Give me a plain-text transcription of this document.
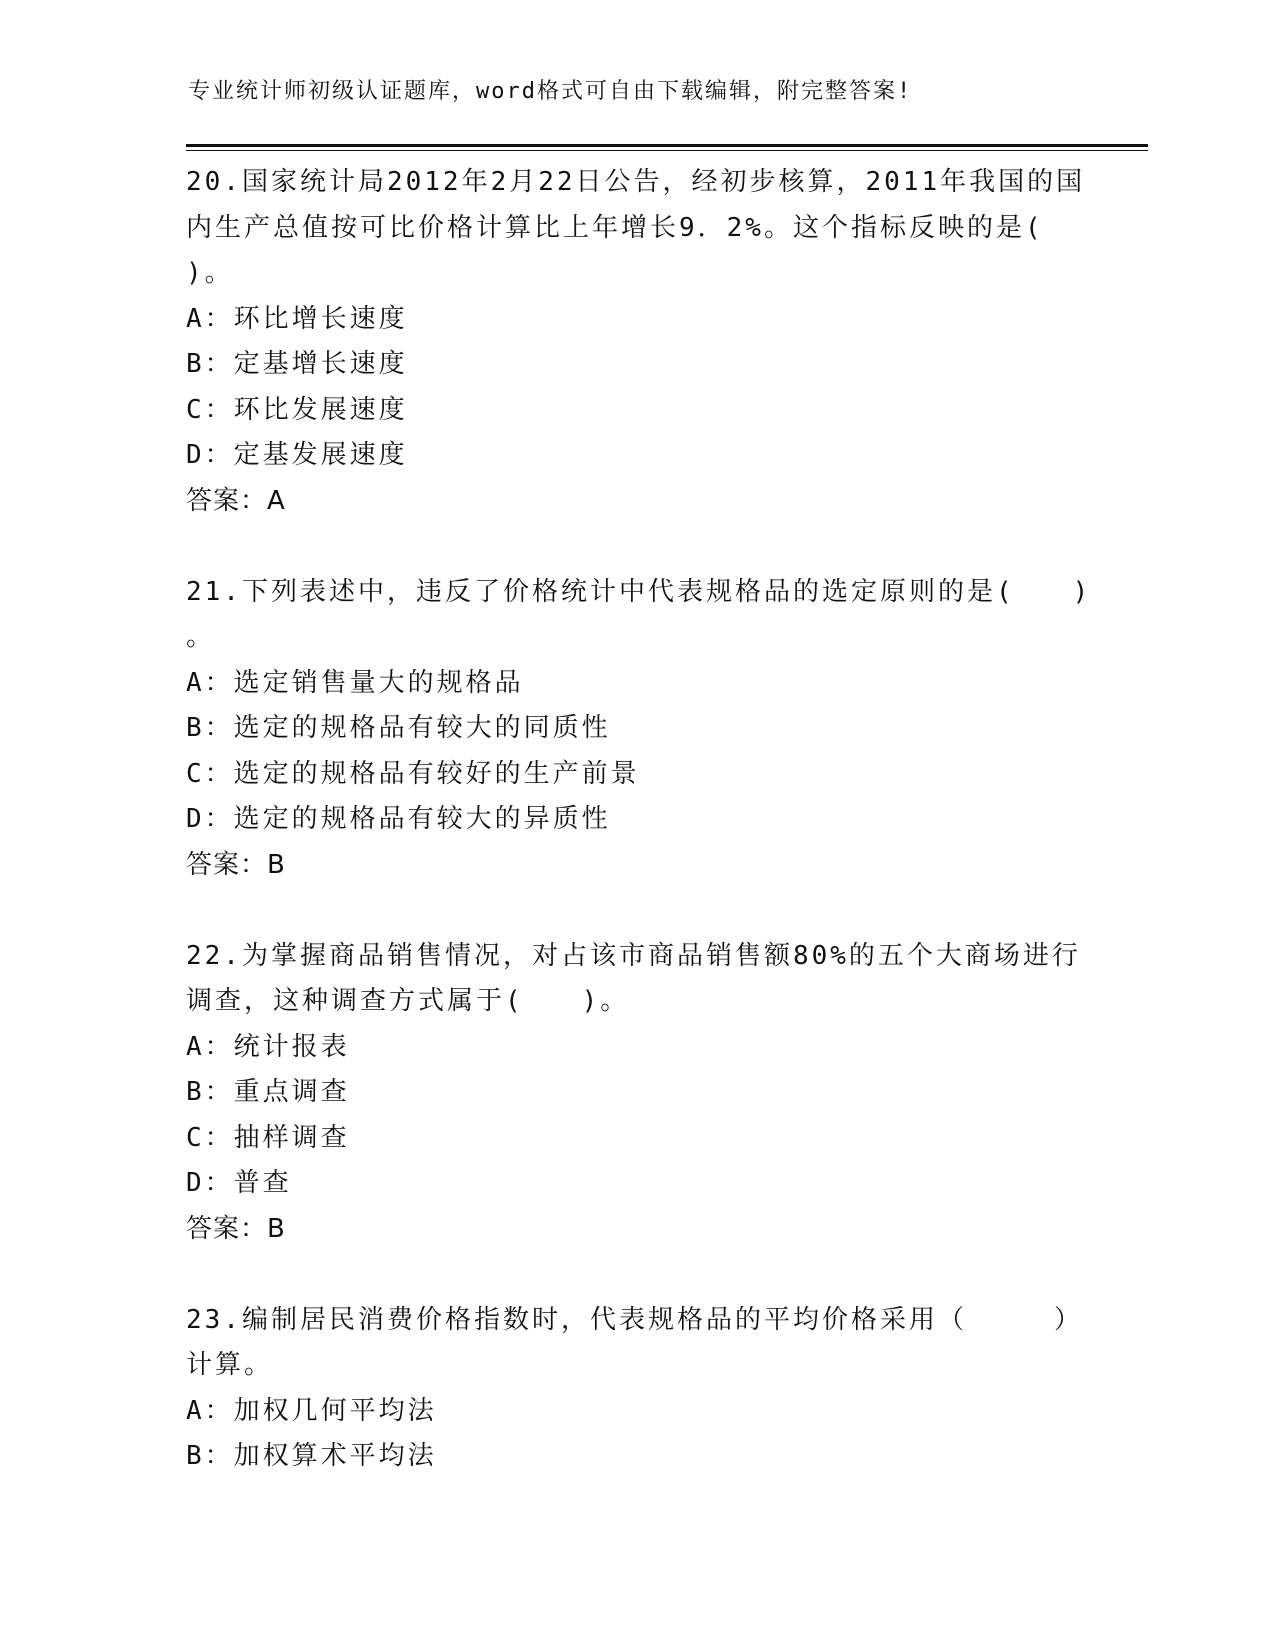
专业统计师初级认证题库，word格式可自由下载编辑，附完整答案!
20.国家统计局2012年2月22日公告，经初步核算，2011年我国的国
内生产总值按可比价格计算比上年增长9．2%。这个指标反映的是(
)。
A：环比增长速度
B：定基增长速度
C：环比发展速度
D：定基发展速度
答案：A
21.下列表述中，违反了价格统计中代表规格品的选定原则的是(　　)
。
A：选定销售量大的规格品
B：选定的规格品有较大的同质性
C：选定的规格品有较好的生产前景
D：选定的规格品有较大的异质性
答案：B
22.为掌握商品销售情况，对占该市商品销售额80%的五个大商场进行
调查，这种调查方式属于(　　)。
A：统计报表
B：重点调查
C：抽样调查
D：普查
答案：B
23.编制居民消费价格指数时，代表规格品的平均价格采用（　　　）
计算。
A：加权几何平均法
B：加权算术平均法
